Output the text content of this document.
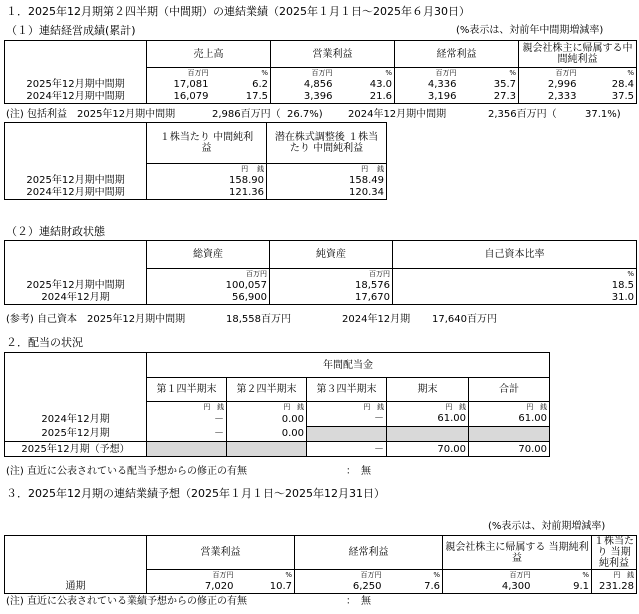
１．2025年12月期第２四半期（中間期）の連結業績（2025年１月１日～2025年６月30日）
（１）連結経営成績(累計)	(%表示は、対前年中間期増減率)
	売上高		営業利益		経常利益		親会社株主に帰属する中間純利益	
	百万円	%	百万円	%	百万円	%	百万円	%
2025年12月期中間期	17,081	6.2	4,856	43.0	4,336	35.7	2,996	28.4
2024年12月期中間期	16,079	17.5	3,396	21.6	3,196	27.3	2,333	37.5
(注) 包括利益　2025年12月期中間期	2,986百万円（ 26.7%)	2024年12月期中間期	2,356百万円（	37.1%)
	１株当たり 中間純利益	潜在株式調整後 １株当たり 中間純利益
	円 銭	円 銭
2025年12月期中間期	158.90	158.49
2024年12月期中間期	121.36	120.34
（２）連結財政状態
	総資産	純資産	自己資本比率
	百万円	百万円	%
2025年12月期中間期	100,057	18,576	18.5
2024年12月期	56,900	17,670	31.0
(参考) 自己資本　2025年12月期中間期	18,558百万円	2024年12月期 17,640百万円
２．配当の状況
	年間配当金				
	第１四半期末	第２四半期末	第３四半期末	期末	合計
	円 銭	円 銭	円 銭	円 銭	円 銭
2024年12月期	－	0.00	－	61.00	61.00
2025年12月期	－	0.00			
2025年12月期（予想）			－	70.00	70.00
(注) 直近に公表されている配当予想からの修正の有無	：　無
３．2025年12月期の連結業績予想（2025年１月１日～2025年12月31日）
(%表示は、対前期増減率)
	営業利益		経常利益		親会社株主に帰属する 当期純利益		１株当たり 当期純利益
	百万円	%	百万円	%	百万円	%	円 銭
通期	7,020	10.7	6,250	7.6	4,300	9.1	231.28
(注) 直近に公表されている業績予想からの修正の有無	：　無
